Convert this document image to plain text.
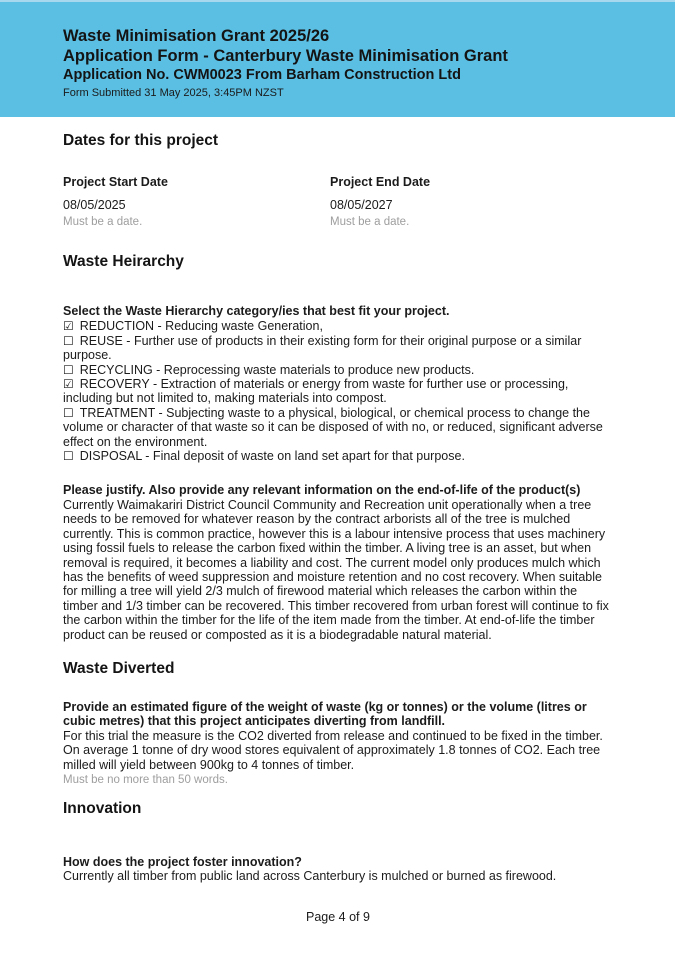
Waste Minimisation Grant 2025/26
Application Form - Canterbury Waste Minimisation Grant
Application No. CWM0023 From Barham Construction Ltd
Form Submitted 31 May 2025, 3:45PM NZST
Dates for this project

Project Start Date

08/05/2025

Must be a date.

Project End Date

08/05/2027

Must be a date.

Waste Heirarchy

Select the Waste Hierarchy category/ies that best fit your project.

☑ REDUCTION - Reducing waste Generation,
☐ REUSE - Further use of products in their existing form for their original purpose or a similar purpose.
☐ RECYCLING - Reprocessing waste materials to produce new products.
☑ RECOVERY - Extraction of materials or energy from waste for further use or processing, including but not limited to, making materials into compost.
☐ TREATMENT - Subjecting waste to a physical, biological, or chemical process to change the volume or character of that waste so it can be disposed of with no, or reduced, significant adverse effect on the environment.
☐ DISPOSAL - Final deposit of waste on land set apart for that purpose.

Please justify. Also provide any relevant information on the end-of-life of the product(s)

Currently Waimakariri District Council Community and Recreation unit operationally when a tree needs to be removed for whatever reason by the contract arborists all of the tree is mulched currently. This is common practice, however this is a labour intensive process that uses machinery using fossil fuels to release the carbon fixed within the timber. A living tree is an asset, but when removal is required, it becomes a liability and cost. The current model only produces mulch which has the benefits of weed suppression and moisture retention and no cost recovery. When suitable for milling a tree will yield 2/3 mulch of firewood material which releases the carbon within the timber and 1/3 timber can be recovered. This timber recovered from urban forest will continue to fix the carbon within the timber for the life of the item made from the timber. At end-of-life the timber product can be reused or composted as it is a biodegradable natural material.

Waste Diverted

Provide an estimated figure of the weight of waste (kg or tonnes) or the volume (litres or cubic metres) that this project anticipates diverting from landfill.

For this trial the measure is the CO2 diverted from release and continued to be fixed in the timber. On average 1 tonne of dry wood stores equivalent of approximately 1.8 tonnes of CO2. Each tree milled will yield between 900kg to 4 tonnes of timber.

Must be no more than 50 words.

Innovation

How does the project foster innovation?

Currently all timber from public land across Canterbury is mulched or burned as firewood.

Page 4 of 9
